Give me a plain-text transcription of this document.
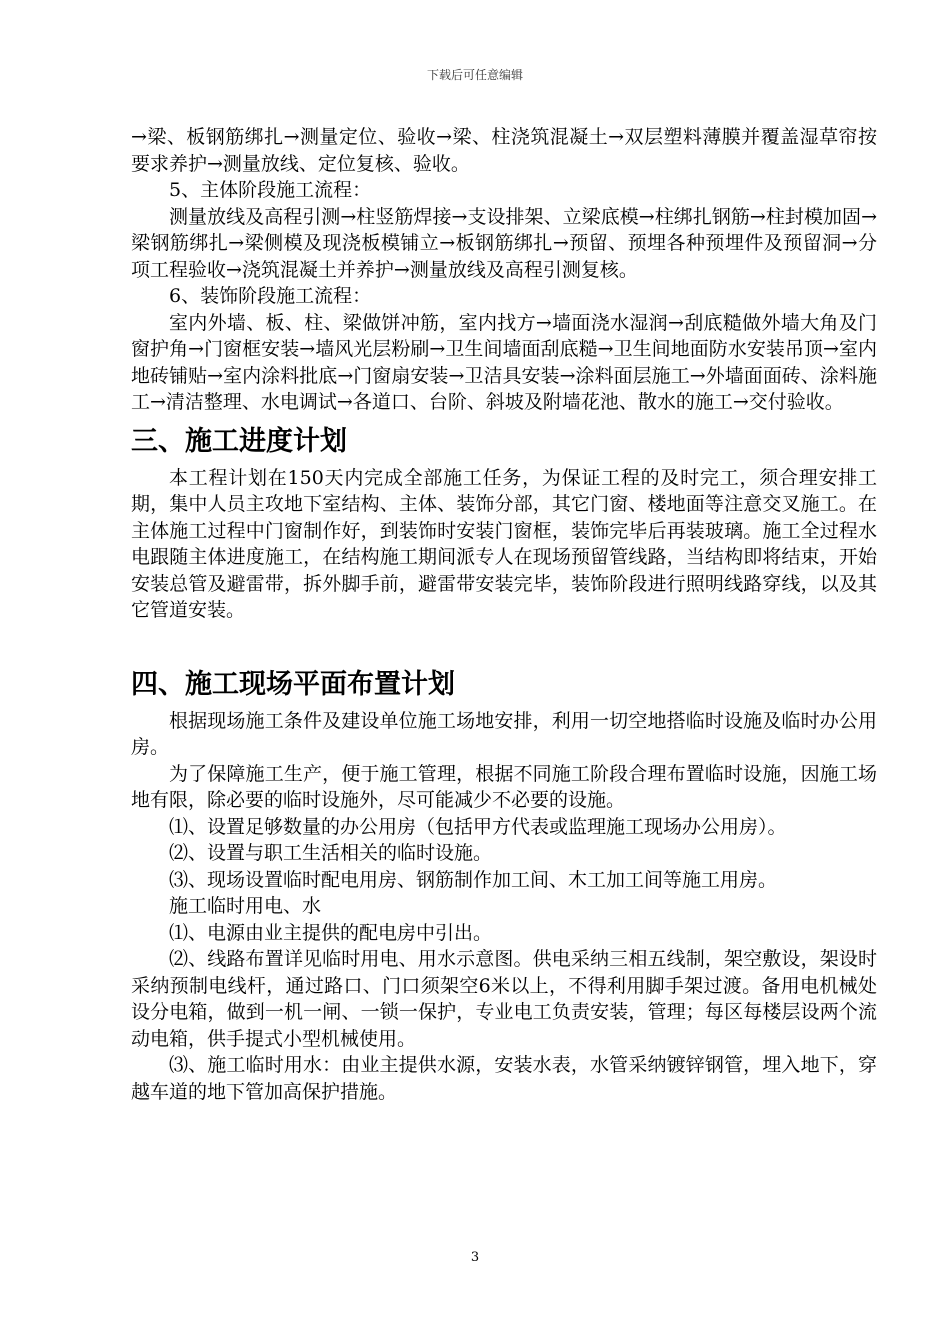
下载后可任意编辑

→梁、板钢筋绑扎→测量定位、验收→梁、柱浇筑混凝土→双层塑料薄膜并覆盖湿草帘按要求养护→测量放线、定位复核、验收。

5、主体阶段施工流程：

测量放线及高程引测→柱竖筋焊接→支设排架、立梁底模→柱绑扎钢筋→柱封模加固→梁钢筋绑扎→梁侧模及现浇板模铺立→板钢筋绑扎→预留、预埋各种预埋件及预留洞→分项工程验收→浇筑混凝土并养护→测量放线及高程引测复核。

6、装饰阶段施工流程：

室内外墙、板、柱、梁做饼冲筋，室内找方→墙面浇水湿润→刮底糙做外墙大角及门窗护角→门窗框安装→墙风光层粉刷→卫生间墙面刮底糙→卫生间地面防水安装吊顶→室内地砖铺贴→室内涂料批底→门窗扇安装→卫洁具安装→涂料面层施工→外墙面面砖、涂料施工→清洁整理、水电调试→各道口、台阶、斜坡及附墙花池、散水的施工→交付验收。

三、施工进度计划

本工程计划在150天内完成全部施工任务，为保证工程的及时完工，须合理安排工期，集中人员主攻地下室结构、主体、装饰分部，其它门窗、楼地面等注意交叉施工。在主体施工过程中门窗制作好，到装饰时安装门窗框，装饰完毕后再装玻璃。施工全过程水电跟随主体进度施工，在结构施工期间派专人在现场预留管线路，当结构即将结束，开始安装总管及避雷带，拆外脚手前，避雷带安装完毕，装饰阶段进行照明线路穿线，以及其它管道安装。

四、施工现场平面布置计划

根据现场施工条件及建设单位施工场地安排，利用一切空地搭临时设施及临时办公用房。

为了保障施工生产，便于施工管理，根据不同施工阶段合理布置临时设施，因施工场地有限，除必要的临时设施外，尽可能减少不必要的设施。

⑴、设置足够数量的办公用房（包括甲方代表或监理施工现场办公用房）。

⑵、设置与职工生活相关的临时设施。

⑶、现场设置临时配电用房、钢筋制作加工间、木工加工间等施工用房。

施工临时用电、水

⑴、电源由业主提供的配电房中引出。

⑵、线路布置详见临时用电、用水示意图。供电采纳三相五线制，架空敷设，架设时采纳预制电线杆，通过路口、门口须架空6米以上，不得利用脚手架过渡。备用电机械处设分电箱，做到一机一闸、一锁一保护，专业电工负责安装，管理；每区每楼层设两个流动电箱，供手提式小型机械使用。

⑶、施工临时用水：由业主提供水源，安装水表，水管采纳镀锌钢管，埋入地下，穿越车道的地下管加高保护措施。

3
